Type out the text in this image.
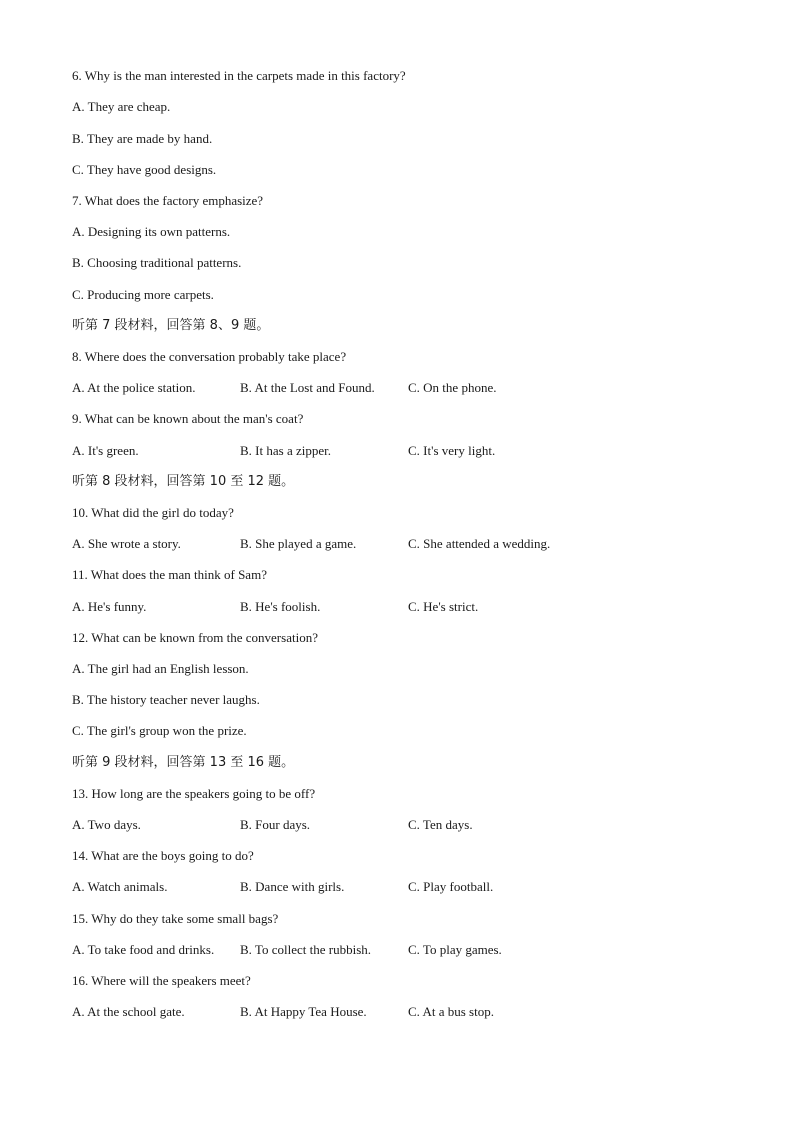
6. Why is the man interested in the carpets made in this factory?
A. They are cheap.
B. They are made by hand.
C. They have good designs.
7. What does the factory emphasize?
A. Designing its own patterns.
B. Choosing traditional patterns.
C. Producing more carpets.
听第 7 段材料，回答第 8、9 题。
8. Where does the conversation probably take place?
A. At the police station.	B. At the Lost and Found.	C. On the phone.
9. What can be known about the man's coat?
A. It's green.	B. It has a zipper.	C. It's very light.
听第 8 段材料，回答第 10 至 12 题。
10. What did the girl do today?
A. She wrote a story.	B. She played a game.	C. She attended a wedding.
11. What does the man think of Sam?
A. He's funny.	B. He's foolish.	C. He's strict.
12. What can be known from the conversation?
A. The girl had an English lesson.
B. The history teacher never laughs.
C. The girl's group won the prize.
听第 9 段材料，回答第 13 至 16 题。
13. How long are the speakers going to be off?
A. Two days.	B. Four days.	C. Ten days.
14. What are the boys going to do?
A. Watch animals.	B. Dance with girls.	C. Play football.
15. Why do they take some small bags?
A. To take food and drinks. B. To collect the rubbish.	C. To play games.
16. Where will the speakers meet?
A. At the school gate.	B. At Happy Tea House.	C. At a bus stop.
